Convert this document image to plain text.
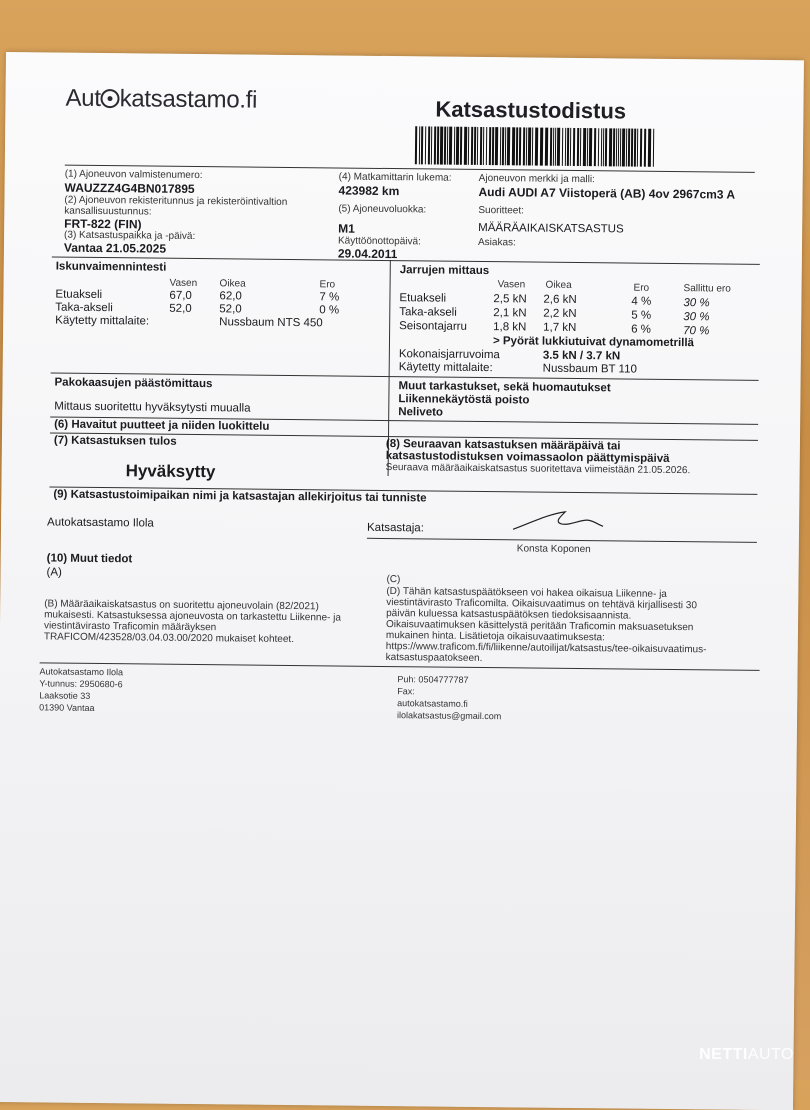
Aut katsastamo.fi	Katsastustodistus
(1) Ajoneuvon valmistenumero:
WAUZZZ4G4BN017895
(2) Ajoneuvon rekisteritunnus ja rekisteröintivaltion
kansallisuustunnus:
FRT-822 (FIN)
(3) Katsastuspaikka ja -päivä:
Vantaa 21.05.2025
(4) Matkamittarin lukema:
423982 km
(5) Ajoneuvoluokka:
M1
Käyttöönottopäivä:
29.04.2011
Ajoneuvon merkki ja malli:
Audi AUDI A7 Viistoperä (AB) 4ov 2967cm3 A
Suoritteet:
MÄÄRÄAIKAISKATSASTUS
Asiakas:
Iskunvaimennintesti
Vasen Oikea	Ero
Etuakseli	67,0 62,0	7 %
Taka-akseli	52,0 52,0	0 %
Käytetty mittalaite:	Nussbaum NTS 450
Jarrujen mittaus
Vasen Oikea	Ero	Sallittu ero
Etuakseli	2,5 kN 2,6 kN	4 %	30 %
Taka-akseli	2,1 kN 2,2 kN	5 %	30 %
Seisontajarru 1,8 kN 1,7 kN	6 %	70 %
> Pyörät lukkiutuivat dynamometrillä
Kokonaisjarruvoima	3.5 kN / 3.7 kN
Käytetty mittalaite:	Nussbaum BT 110
Pakokaasujen päästömittaus
Mittaus suoritettu hyväksytysti muualla
Muut tarkastukset, sekä huomautukset
Liikennekäytöstä poisto
Neliveto
(6) Havaitut puutteet ja niiden luokittelu
(7) Katsastuksen tulos
Hyväksytty
(8) Seuraavan katsastuksen määräpäivä tai
katsastustodistuksen voimassaolon päättymispäivä
Seuraava määräaikaiskatsastus suoritettava viimeistään 21.05.2026.
(9) Katsastustoimipaikan nimi ja katsastajan allekirjoitus tai tunniste
Autokatsastamo Ilola	Katsastaja:
Konsta Koponen
(10) Muut tiedot
(A)
(B) Määräaikaiskatsastus on suoritettu ajoneuvolain (82/2021)
mukaisesti. Katsastuksessa ajoneuvosta on tarkastettu Liikenne- ja
viestintävirasto Traficomin määräyksen
TRAFICOM/423528/03.04.03.00/2020 mukaiset kohteet.
(C)
(D) Tähän katsastuspäätökseen voi hakea oikaisua Liikenne- ja
viestintävirasto Traficomilta. Oikaisuvaatimus on tehtävä kirjallisesti 30
päivän kuluessa katsastuspäätöksen tiedoksisaannista.
Oikaisuvaatimuksen käsittelystä peritään Traficomin maksuasetuksen
mukainen hinta. Lisätietoja oikaisuvaatimuksesta:
https://www.traficom.fi/fi/liikenne/autoilijat/katsastus/tee-oikaisuvaatimus-
katsastuspaatokseen.
Autokatsastamo Ilola
Y-tunnus: 2950680-6
Laaksotie 33
01390 Vantaa
Puh: 0504777787
Fax:
autokatsastamo.fi
ilolakatsastus@gmail.com
NETTIAUTO
